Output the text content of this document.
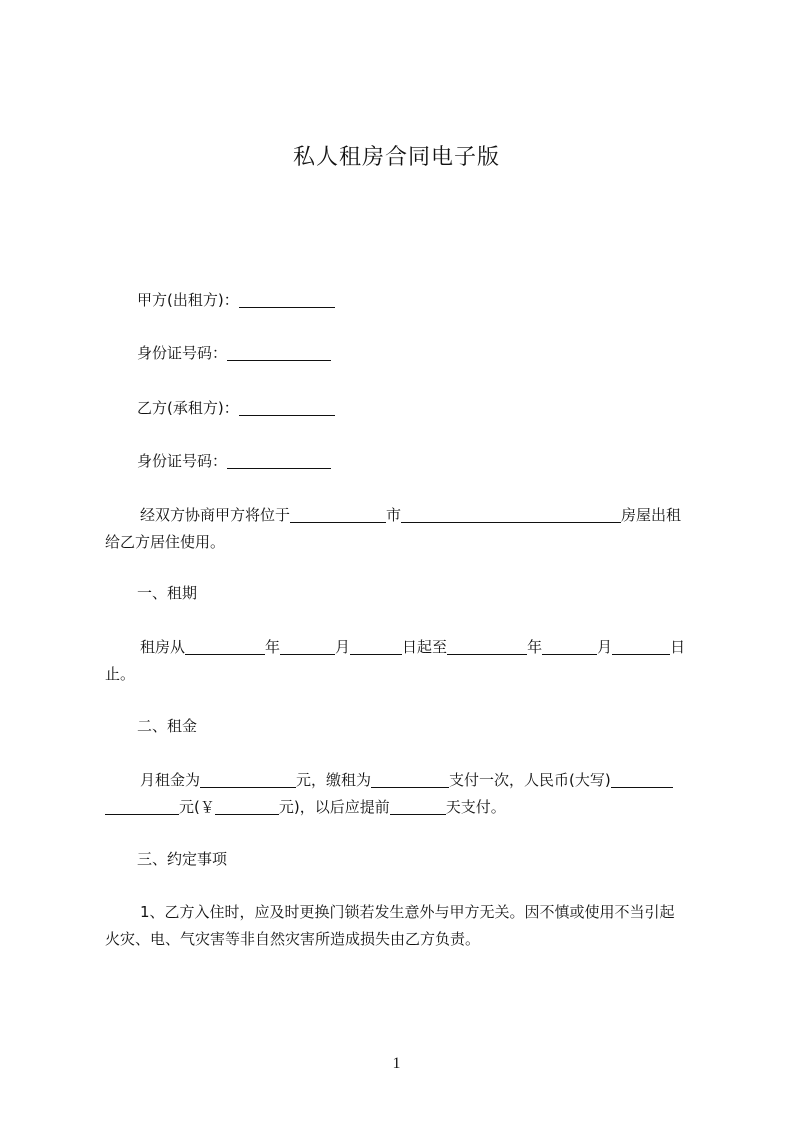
私人租房合同电子版
甲方(出租方)：
身份证号码：
乙方(承租方)：
身份证号码：
经双方协商甲方将位于	市	房屋出租
给乙方居住使用。
一、租期
租房从	年	月	日起至	年	月	日
止。
二、租金
月租金为	元，缴租为	支付一次，人民币(大写)
元(￥	元)，以后应提前	天支付。
三、约定事项
1、乙方入住时，应及时更换门锁若发生意外与甲方无关。因不慎或使用不当引起
火灾、电、气灾害等非自然灾害所造成损失由乙方负责。
1
